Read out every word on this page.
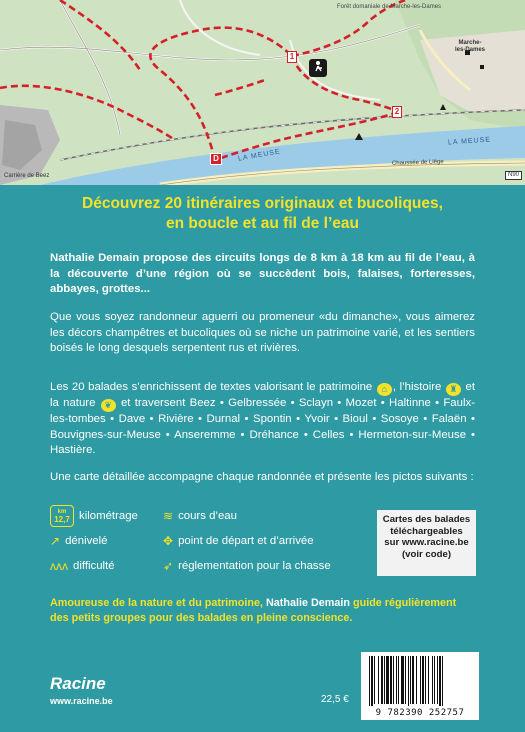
Forêt domaniale de Marche-les-Dames
Marche-
les-Dames
LA MEUSE
LA MEUSE
Chaussée de Liège
N90
Carrière de Beez
1
2
D
Découvrez 20 itinéraires originaux et bucoliques,
en boucle et au fil de l’eau
Nathalie Demain propose des circuits longs de 8 km à 18 km au fil de l’eau, à la découverte d’une région où se succèdent bois, falaises, forteresses, abbayes, grottes...
Que vous soyez randonneur aguerri ou promeneur «du dimanche», vous aimerez les décors champêtres et bucoliques où se niche un patrimoine varié, et les sentiers boisés le long desquels serpentent rus et rivières.
Les 20 balades s’enrichissent de textes valorisant le patrimoine ⌂ , l’histoire ♜ et la nature ❦ et traversent Beez • Gelbressée • Sclayn • Mozet • Haltinne • Faulx-les-tombes • Dave • Rivière • Durnal • Spontin • Yvoir • Bioul • Sosoye • Falaën • Bouvignes-sur-Meuse • Anseremme • Dréhance • Celles • Hermeton-sur-Meuse • Hastière.
Une carte détaillée accompagne chaque randonnée et présente les pictos suivants :
km
12,7 kilométrage ≋ cours d’eau
↗ dénivelé	✥ point de départ et d’arrivée
ᴧᴧᴧ difficulté	➶ réglementation pour la chasse
Cartes des balades
téléchargeables
sur www.racine.be
(voir code)
Amoureuse de la nature et du patrimoine, Nathalie Demain guide régulièrement des petits groupes pour des balades en pleine conscience.
Racine
www.racine.be	22,5 €
9 782390 252757
